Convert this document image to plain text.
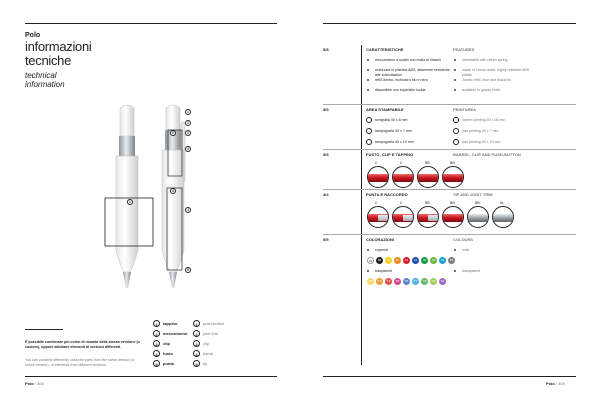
Polo
informazioni
tecniche
technical
information
1
1
2
3
4
4
5
3
4
È possibile combinare più colori di ricambi della stessa versione (o coolore), oppure abbinare elementi di versioni differenti.
You can combine differently coloured parts from the same version (or colour version), or elements from different versions.
1	tappino	1	push-button
2	meccanismo	2	joint trim
3	clip	3	clip
4	fusto	4	barrel
5	punta	5	tip
Polo / 308
5/5	CARATTERISTICHE	FEATURES
meccanismo a scatto con molla di rilascio
realizzata in plastica ABS, altamente resistente alle sollecitazioni
refill Jumbo, inchiostro blu e nero
disponibile con superficie lucida
retractable with return spring
made of shock-resist. highly resistant ABS plastic
Jumbo refill, blue and black ink
available in glossy finish
5/5	AREA STAMPABILE	PRINTAREA
serigrafia 40 x 8 mm
tampografia 30 x 7 mm
tampografia 40 x 10 mm
screen printing 40 x 08 mm
pad printing 30 x 7 mm
pad printing 40 x 10 mm
5/5	FUSTO, CLIP E TAPPINO	BARREL, CLIP AND PUSH-BUTTON
C	C	BB	BB
4/4	PUNTA E RACCORDO	TIP AND JOINT TRIM
C	C	BB	BB	BB	AL
5/5	COLORAZIONI	COLOURS
coprenti	solid
01	06	08	10	12	21	30	33	44	55
trasparenti	transparent
T2	T3	T4	T5	T6	T7	T8	T9	TA
Polo / 308
